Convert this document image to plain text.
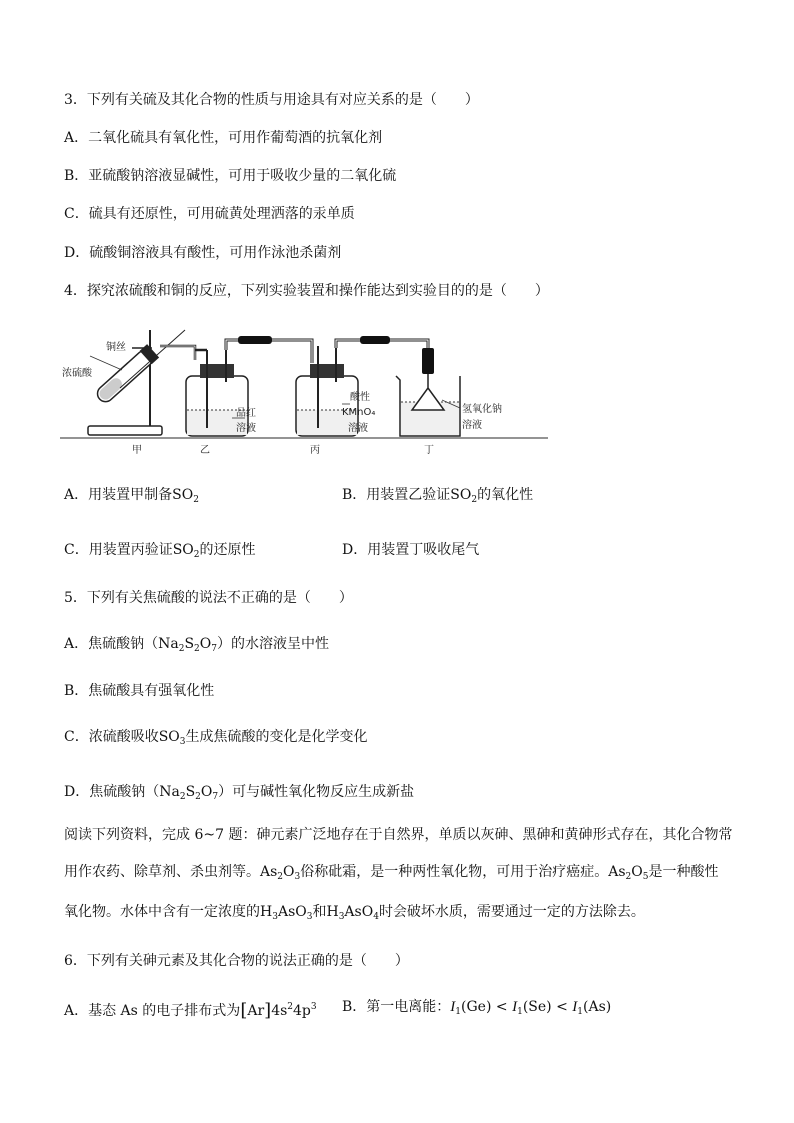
3．下列有关硫及其化合物的性质与用途具有对应关系的是（　　）
A．二氧化硫具有氧化性，可用作葡萄酒的抗氧化剂
B．亚硫酸钠溶液显碱性，可用于吸收少量的二氧化硫
C．硫具有还原性，可用硫黄处理洒落的汞单质
D．硫酸铜溶液具有酸性，可用作泳池杀菌剂
4．探究浓硫酸和铜的反应，下列实验装置和操作能达到实验目的的是（　　）
铜丝
浓硫酸
品红
溶液
酸性
KMnO₄
溶液
氢氧化钠
溶液
甲	乙	丙	丁
A．用装置甲制备$SO_2$	B．用装置乙验证$SO_2$的氧化性
C．用装置丙验证$SO_2$的还原性	D．用装置丁吸收尾气
5．下列有关焦硫酸的说法不正确的是（　　）
A．焦硫酸钠$(Na_2S_2O_7)$的水溶液呈中性
B．焦硫酸具有强氧化性
C．浓硫酸吸收$SO_3$生成焦硫酸的变化是化学变化
D．焦硫酸钠$(Na_2S_2O_7)$可与碱性氧化物反应生成新盐
阅读下列资料，完成 6~7 题：砷元素广泛地存在于自然界，单质以灰砷、黑砷和黄砷形式存在，其化合物常
用作农药、除草剂、杀虫剂等。$As_2O_3$俗称砒霜，是一种两性氧化物，可用于治疗癌症。$As_2O_5$是一种酸性
氧化物。水体中含有一定浓度的$H_3AsO_3$和$H_3AsO_4$时会破坏水质，需要通过一定的方法除去。
6．下列有关砷元素及其化合物的说法正确的是（　　）
A．基态 As 的电子排布式为$[Ar]4s^24p^3$ B．第一电离能：$I_1(Ge) < I_1(Se) < I_1(As)$
